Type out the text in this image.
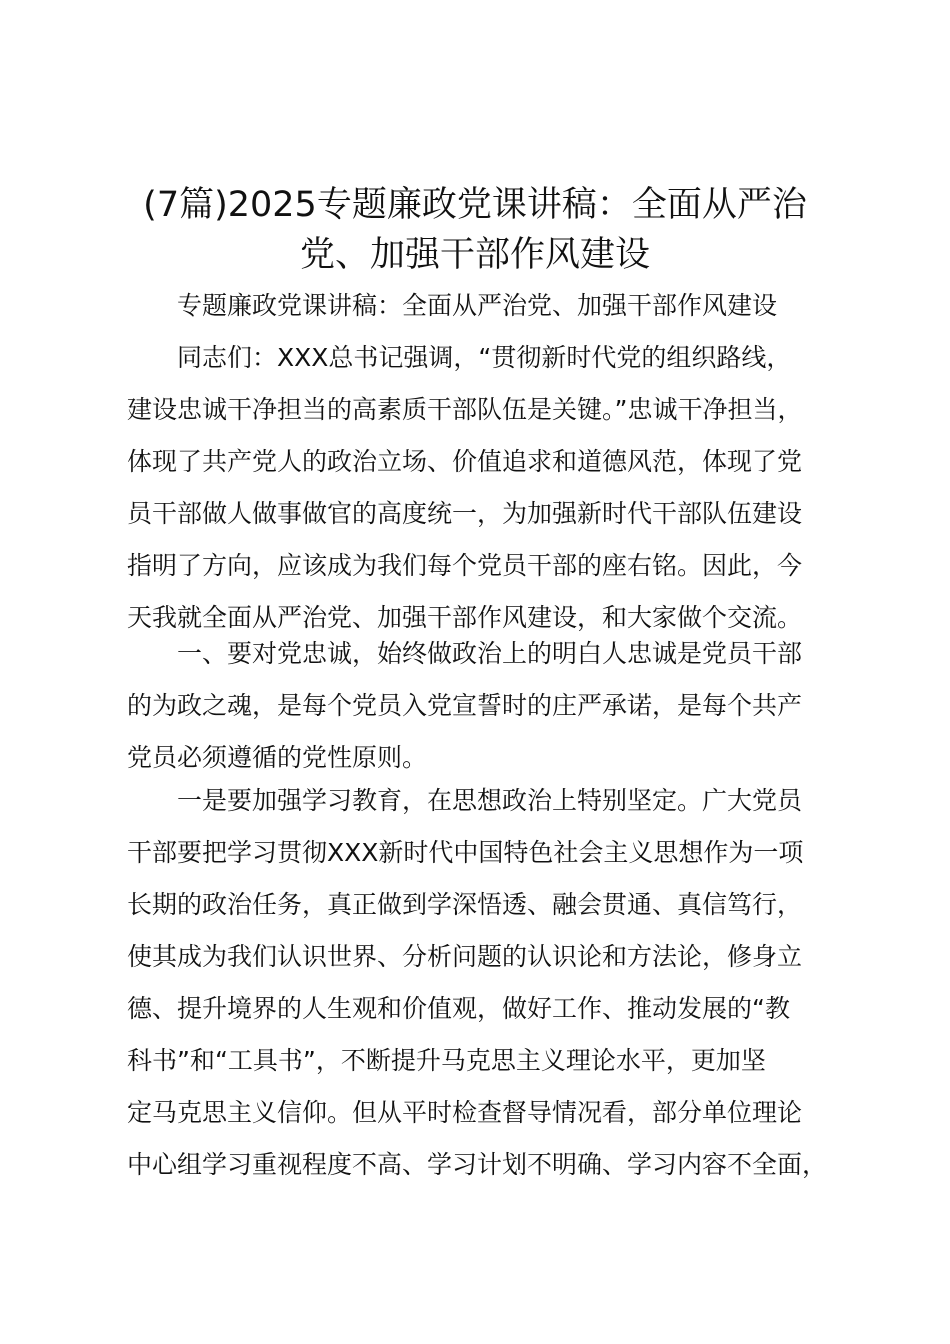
(7篇)2025专题廉政党课讲稿：全面从严治
党、加强干部作风建设
专题廉政党课讲稿：全面从严治党、加强干部作风建设
同志们：XXX总书记强调，“贯彻新时代党的组织路线，
建设忠诚干净担当的高素质干部队伍是关键。”忠诚干净担当，
体现了共产党人的政治立场、价值追求和道德风范，体现了党
员干部做人做事做官的高度统一，为加强新时代干部队伍建设
指明了方向，应该成为我们每个党员干部的座右铭。因此，今
天我就全面从严治党、加强干部作风建设，和大家做个交流。
一、要对党忠诚，始终做政治上的明白人忠诚是党员干部
的为政之魂，是每个党员入党宣誓时的庄严承诺，是每个共产
党员必须遵循的党性原则。
一是要加强学习教育，在思想政治上特别坚定。广大党员
干部要把学习贯彻XXX新时代中国特色社会主义思想作为一项
长期的政治任务，真正做到学深悟透、融会贯通、真信笃行，
使其成为我们认识世界、分析问题的认识论和方法论，修身立
德、提升境界的人生观和价值观，做好工作、推动发展的“教
科书”和“工具书”，不断提升马克思主义理论水平，更加坚
定马克思主义信仰。但从平时检查督导情况看，部分单位理论
中心组学习重视程度不高、学习计划不明确、学习内容不全面，
